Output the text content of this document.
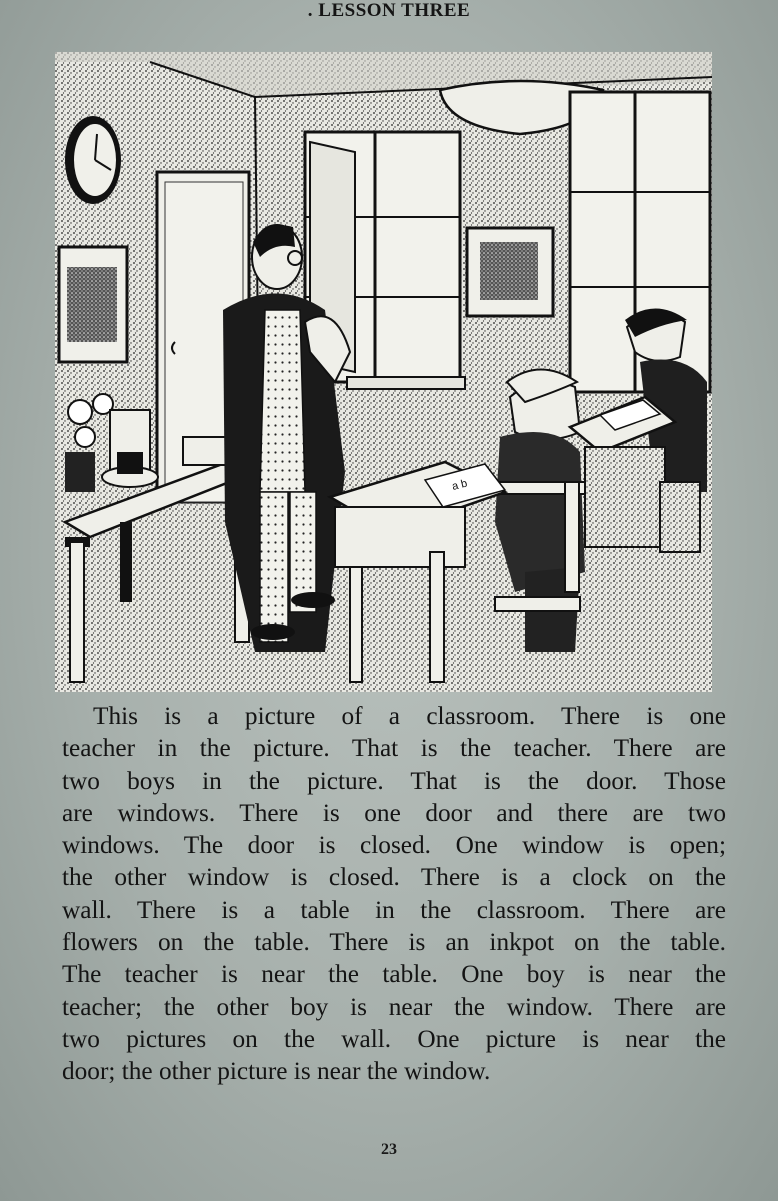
. LESSON THREE
a b
This is a picture of a classroom. There is one
teacher in the picture. That is the teacher. There are
two boys in the picture. That is the door. Those
are windows. There is one door and there are two
windows. The door is closed. One window is open;
the other window is closed. There is a clock on the
wall. There is a table in the classroom. There are
flowers on the table. There is an inkpot on the table.
The teacher is near the table. One boy is near the
teacher; the other boy is near the window. There are
two pictures on the wall. One picture is near the
door; the other picture is near the window.
23
